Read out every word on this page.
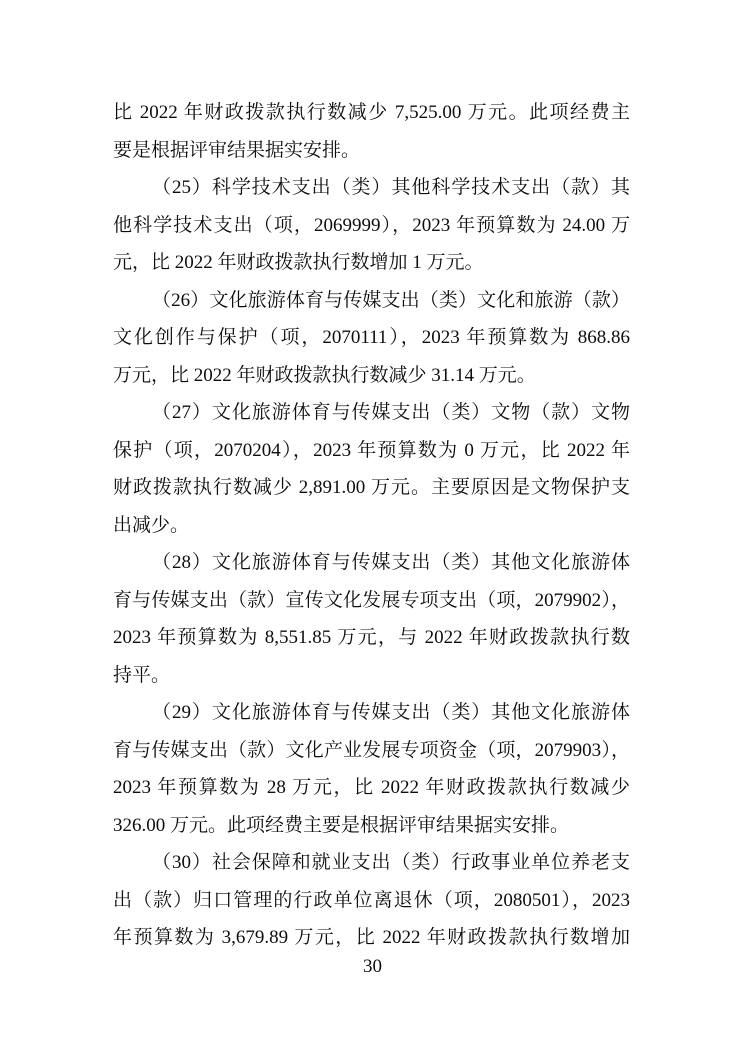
比 2022 年财政拨款执行数减少 7,525.00 万元。此项经费主
要是根据评审结果据实安排。
（25）科学技术支出（类）其他科学技术支出（款）其
他科学技术支出（项，2069999），2023 年预算数为 24.00 万
元，比 2022 年财政拨款执行数增加 1 万元。
（26）文化旅游体育与传媒支出（类）文化和旅游（款）
文化创作与保护（项，2070111），2023 年预算数为 868.86
万元，比 2022 年财政拨款执行数减少 31.14 万元。
（27）文化旅游体育与传媒支出（类）文物（款）文物
保护（项，2070204），2023 年预算数为 0 万元，比 2022 年
财政拨款执行数减少 2,891.00 万元。主要原因是文物保护支
出减少。
（28）文化旅游体育与传媒支出（类）其他文化旅游体
育与传媒支出（款）宣传文化发展专项支出（项，2079902），
2023 年预算数为 8,551.85 万元，与 2022 年财政拨款执行数
持平。
（29）文化旅游体育与传媒支出（类）其他文化旅游体
育与传媒支出（款）文化产业发展专项资金（项，2079903），
2023 年预算数为 28 万元，比 2022 年财政拨款执行数减少
326.00 万元。此项经费主要是根据评审结果据实安排。
（30）社会保障和就业支出（类）行政事业单位养老支
出（款）归口管理的行政单位离退休（项，2080501），2023
年预算数为 3,679.89 万元，比 2022 年财政拨款执行数增加
30
